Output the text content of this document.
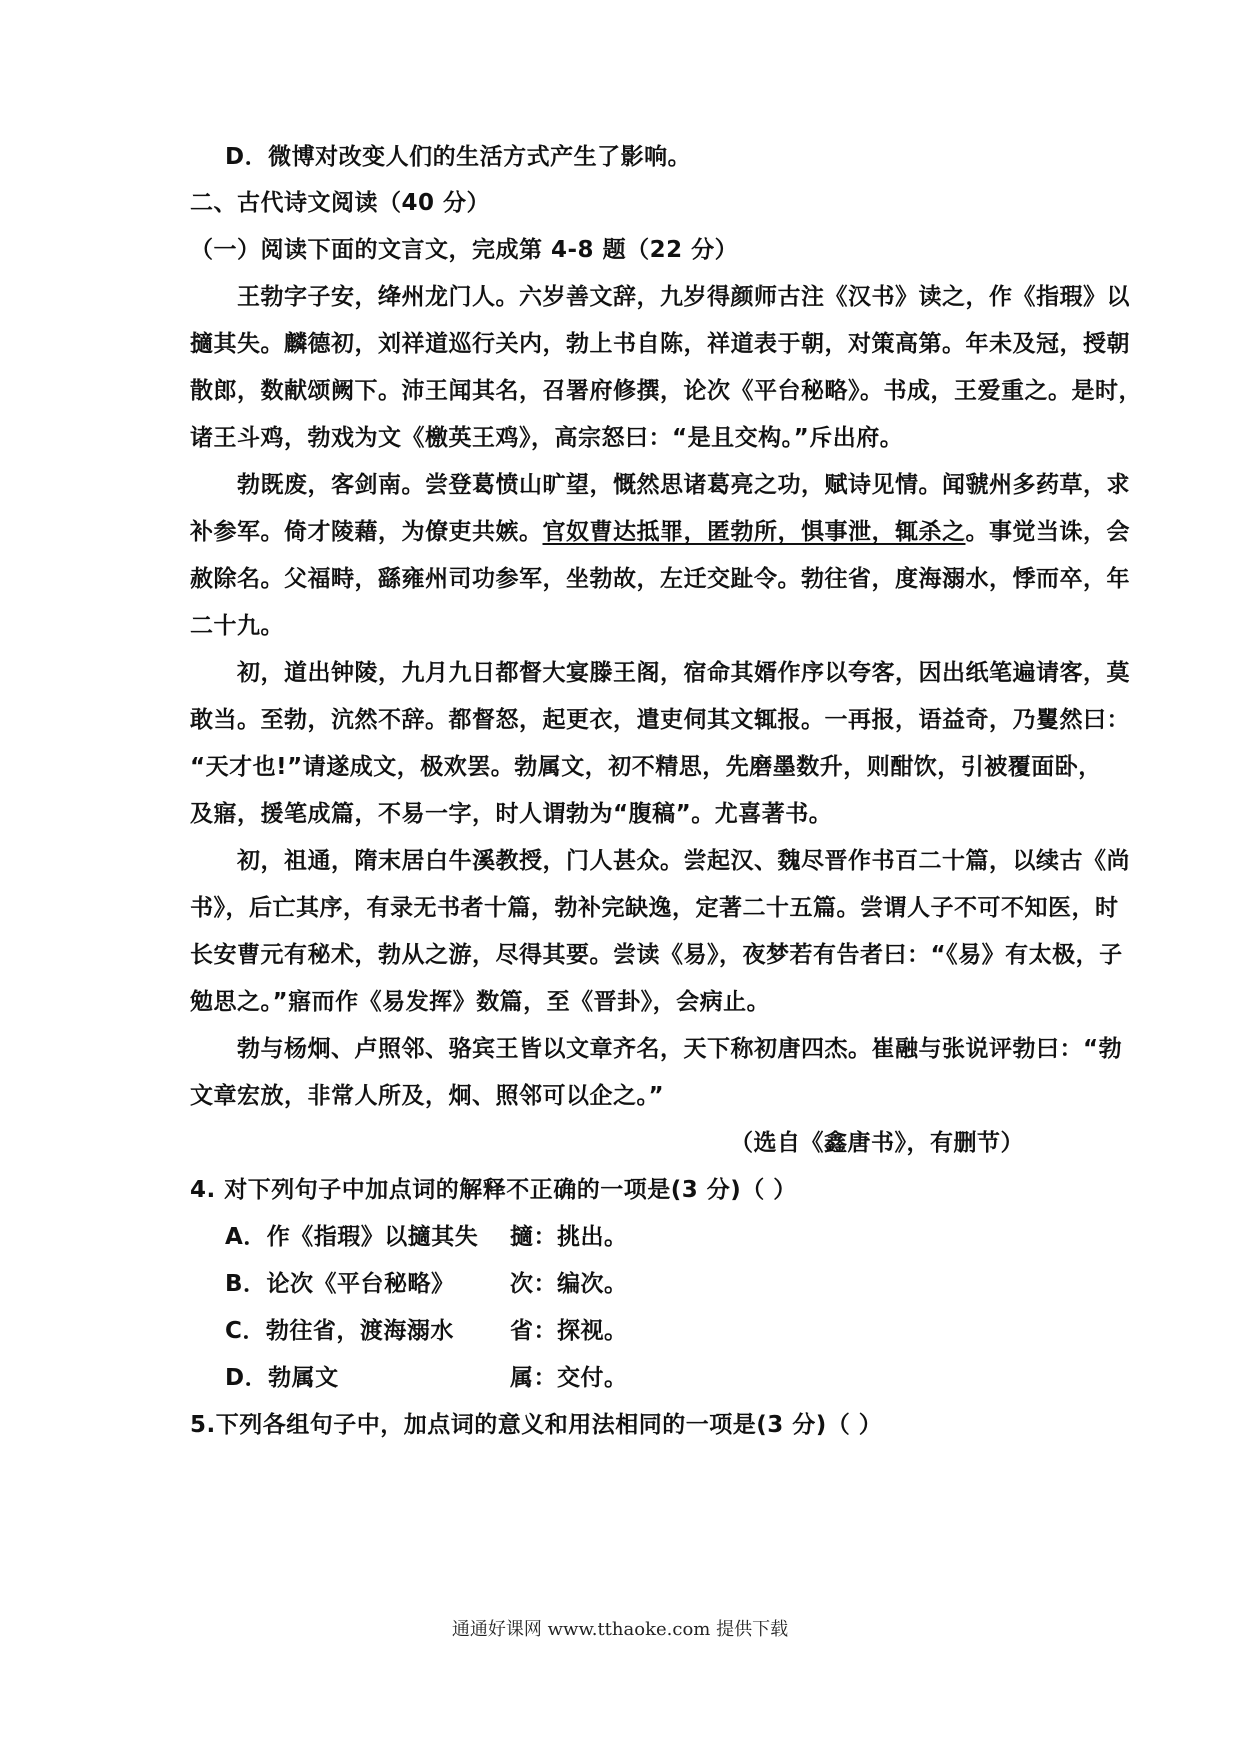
D．微博对改变人们的生活方式产生了影响。
二、古代诗文阅读（40 分）
（一）阅读下面的文言文，完成第 4-8 题（22 分）
王勃字子安，绛州龙门人。六岁善文辞，九岁得颜师古注《汉书》读之，作《指瑕》以
擿其失。麟德初，刘祥道巡行关内，勃上书自陈，祥道表于朝，对策高第。年未及冠，授朝
散郎，数献颂阙下。沛王闻其名，召署府修撰，论次《平台秘略》。书成，王爱重之。是时，
诸王斗鸡，勃戏为文《檄英王鸡》，高宗怒曰：“是且交构。”斥出府。
勃既废，客剑南。尝登葛愤山旷望，慨然思诸葛亮之功，赋诗见情。闻虢州多药草，求
补参军。倚才陵藉，为僚吏共嫉。官奴曹达抵罪，匿勃所，惧事泄，辄杀之。事觉当诛，会
赦除名。父福畤，繇雍州司功参军，坐勃故，左迁交趾令。勃往省，度海溺水，悸而卒，年
二十九。
初，道出钟陵，九月九日都督大宴滕王阁，宿命其婿作序以夸客，因出纸笔遍请客，莫
敢当。至勃，沆然不辞。都督怒，起更衣，遣吏伺其文辄报。一再报，语益奇，乃矍然曰：
“天才也!”请遂成文，极欢罢。勃属文，初不精思，先磨墨数升，则酣饮，引被覆面卧，
及寤，援笔成篇，不易一字，时人谓勃为“腹稿”。尤喜著书。
初，祖通，隋末居白牛溪教授，门人甚众。尝起汉、魏尽晋作书百二十篇，以续古《尚
书》，后亡其序，有录无书者十篇，勃补完缺逸，定著二十五篇。尝谓人子不可不知医，时
长安曹元有秘术，勃从之游，尽得其要。尝读《易》，夜梦若有告者曰：“《易》有太极，子
勉思之。”寤而作《易发挥》数篇，至《晋卦》，会病止。
勃与杨炯、卢照邻、骆宾王皆以文章齐名，天下称初唐四杰。崔融与张说评勃曰：“勃
文章宏放，非常人所及，炯、照邻可以企之。”
（选自《鑫唐书》，有删节）
4. 对下列句子中加点词的解释不正确的一项是(3 分)（ ）
A．作《指瑕》以擿其失 擿：挑出。
B．论次《平台秘略》 次：编次。
C．勃往省，渡海溺水 省：探视。
D．勃属文	属：交付。
5.下列各组句子中，加点词的意义和用法相同的一项是(3 分)（ ）
通通好课网 www.tthaoke.com 提供下载
